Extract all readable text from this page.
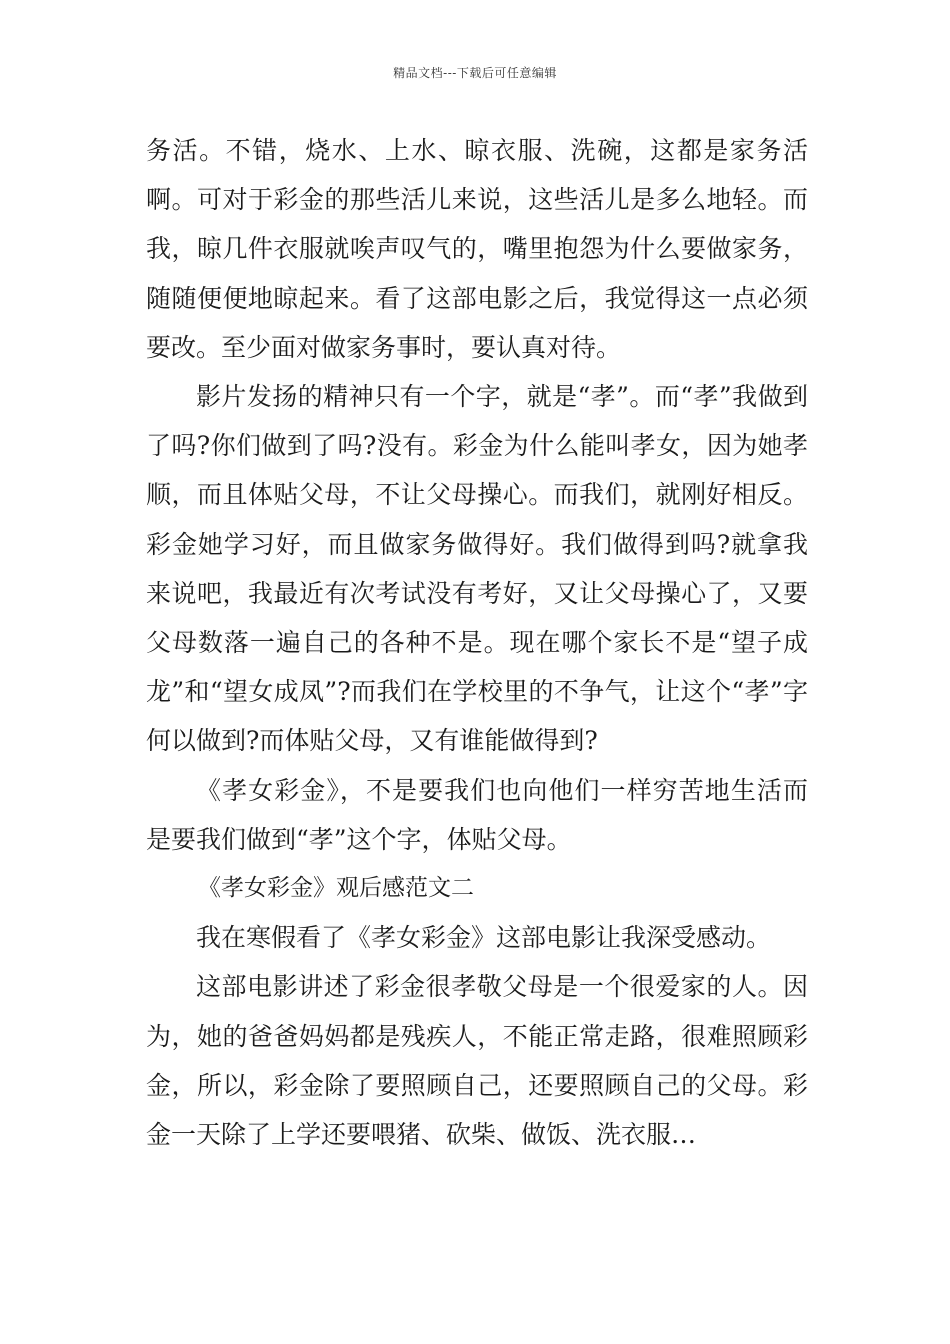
精品文档---下载后可任意编辑

务活。不错，烧水、上水、晾衣服、洗碗，这都是家务活啊。可对于彩金的那些活儿来说，这些活儿是多么地轻。而我，晾几件衣服就唉声叹气的，嘴里抱怨为什么要做家务，随随便便地晾起来。看了这部电影之后，我觉得这一点必须要改。至少面对做家务事时，要认真对待。

影片发扬的精神只有一个字，就是“孝”。而“孝”我做到了吗?你们做到了吗?没有。彩金为什么能叫孝女，因为她孝顺，而且体贴父母，不让父母操心。而我们，就刚好相反。彩金她学习好，而且做家务做得好。我们做得到吗?就拿我来说吧，我最近有次考试没有考好，又让父母操心了，又要父母数落一遍自己的各种不是。现在哪个家长不是“望子成龙”和“望女成凤”?而我们在学校里的不争气，让这个“孝”字何以做到?而体贴父母，又有谁能做得到?

《孝女彩金》，不是要我们也向他们一样穷苦地生活而是要我们做到“孝”这个字，体贴父母。

《孝女彩金》观后感范文二

我在寒假看了《孝女彩金》这部电影让我深受感动。

这部电影讲述了彩金很孝敬父母是一个很爱家的人。因为，她的爸爸妈妈都是残疾人，不能正常走路，很难照顾彩金，所以，彩金除了要照顾自己，还要照顾自己的父母。彩金一天除了上学还要喂猪、砍柴、做饭、洗衣服…
